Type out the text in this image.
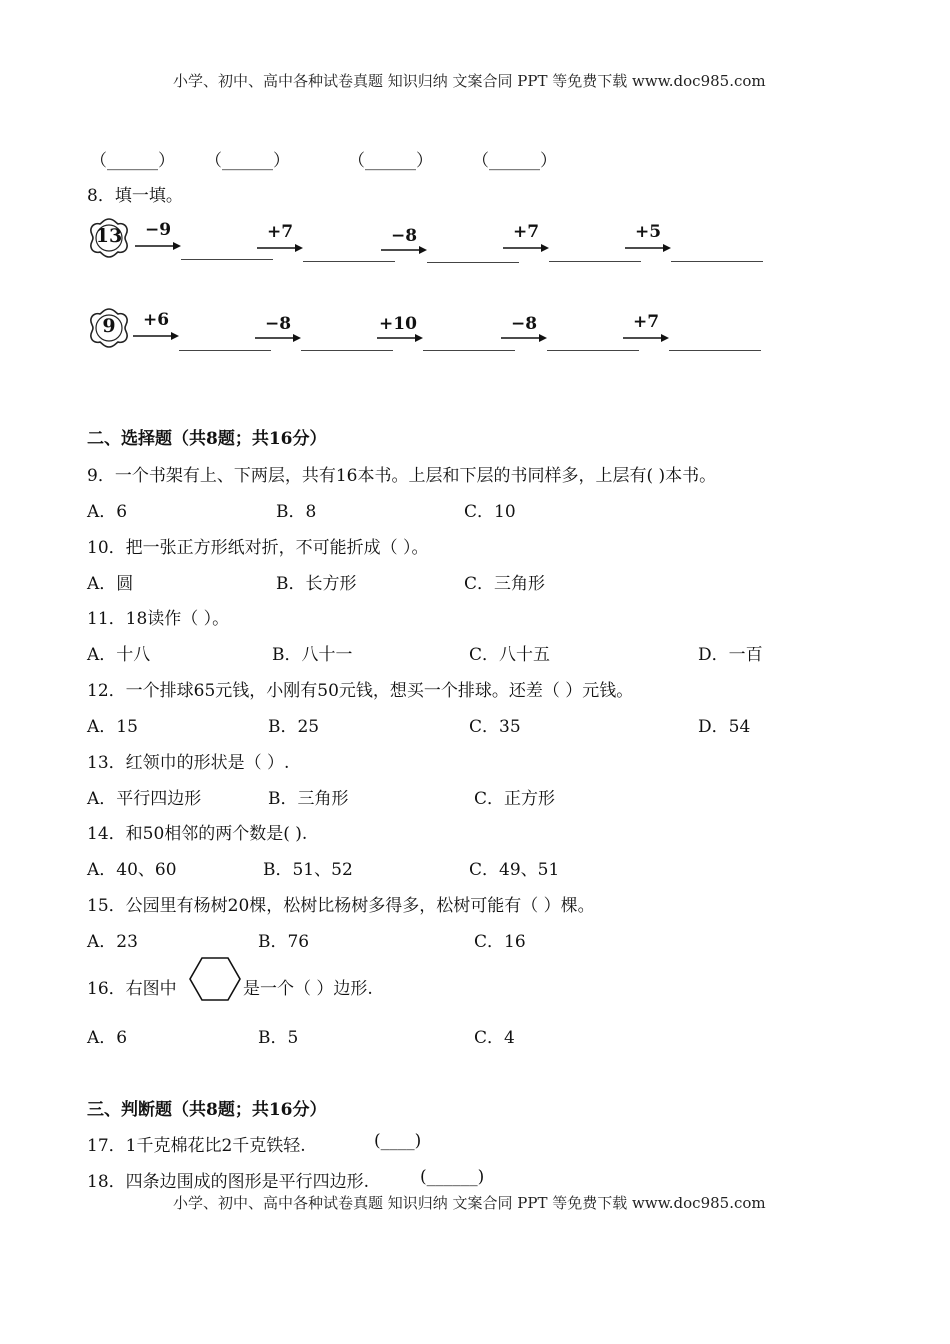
小学、初中、高中各种试卷真题 知识归纳 文案合同 PPT 等免费下载 www.doc985.com
（______） （______）	（______） （______）
8．填一填。
13	−9	+7	−8	+7	+5
9	+6	−8	+10	−8	+7
二、选择题（共8题；共16分）
9．一个书架有上、下两层，共有16本书。上层和下层的书同样多，上层有( )本书。
A．6	B．8	C．10
10．把一张正方形纸对折，不可能折成（ ）。
A．圆	B．长方形	C．三角形
11．18读作（ ）。
A．十八	B．八十一	C．八十五	D．一百
12．一个排球65元钱，小刚有50元钱，想买一个排球。还差（ ）元钱。
A．15	B．25	C．35	D．54
13．红领巾的形状是（ ）.
A．平行四边形	B．三角形	C．正方形
14．和50相邻的两个数是( ).
A．40、60	B．51、52	C．49、51
15．公园里有杨树20棵，松树比杨树多得多，松树可能有（ ）棵。
A．23	B．76	C．16
16．右图中	是一个（ ）边形.
A．6	B．5	C．4
三、判断题（共8题；共16分）
17．1千克棉花比2千克铁轻.	(____)
18．四条边围成的图形是平行四边形.	(______)
小学、初中、高中各种试卷真题 知识归纳 文案合同 PPT 等免费下载 www.doc985.com
